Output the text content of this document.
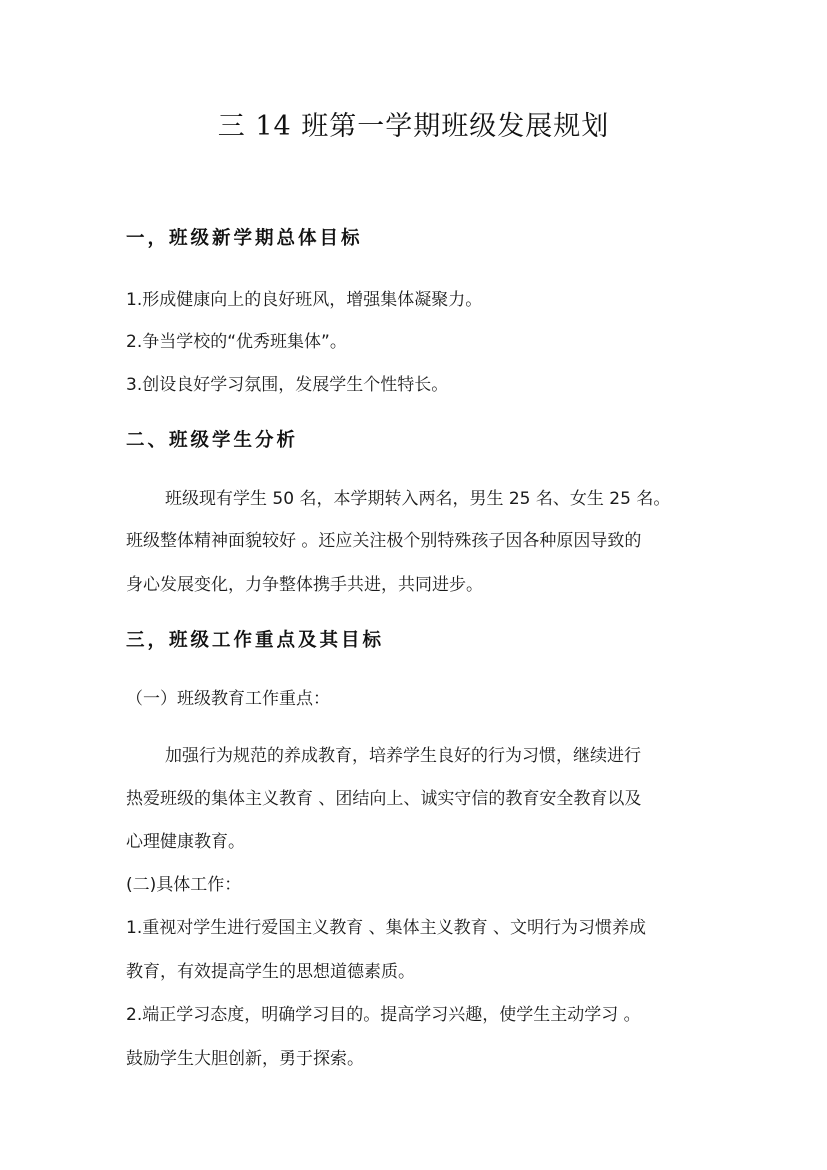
三 14 班第一学期班级发展规划
一，班级新学期总体目标
1.形成健康向上的良好班风，增强集体凝聚力。
2.争当学校的“优秀班集体”。
3.创设良好学习氛围，发展学生个性特长。
二、班级学生分析
班级现有学生 50 名，本学期转入两名，男生 25 名、女生 25 名。
班级整体精神面貌较好 。还应关注极个别特殊孩子因各种原因导致的
身心发展变化，力争整体携手共进，共同进步。
三，班级工作重点及其目标
（一）班级教育工作重点：
加强行为规范的养成教育，培养学生良好的行为习惯，继续进行
热爱班级的集体主义教育 、团结向上、诚实守信的教育安全教育以及
心理健康教育。
(二)具体工作：
1.重视对学生进行爱国主义教育 、集体主义教育 、文明行为习惯养成
教育，有效提高学生的思想道德素质。
2.端正学习态度，明确学习目的。提高学习兴趣，使学生主动学习 。
鼓励学生大胆创新，勇于探索。
